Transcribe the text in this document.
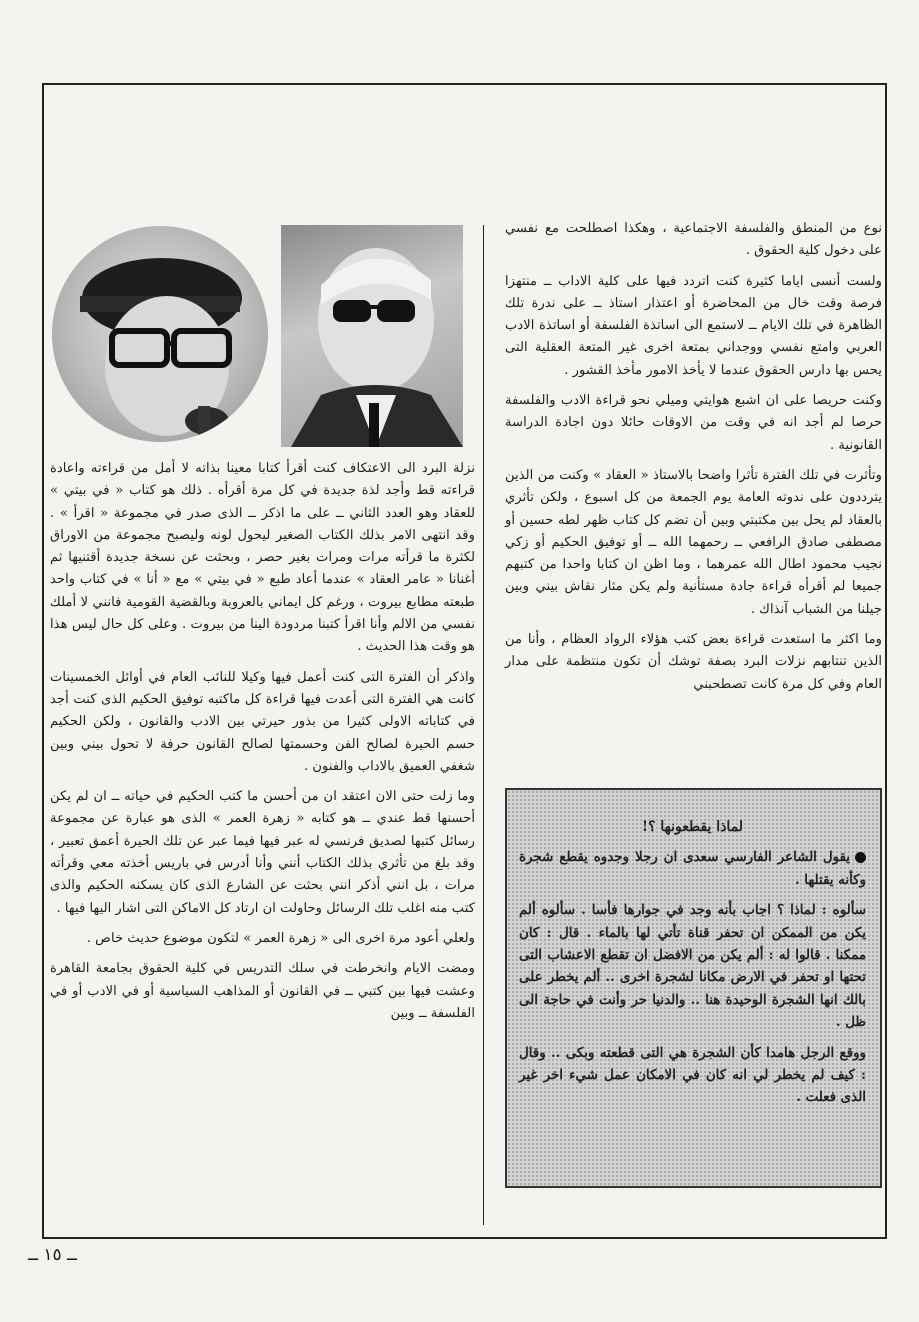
نوع من المنطق والفلسفة الاجتماعية ، وهكذا اصطلحت مع نفسي على دخول كلية الحقوق .

ولست أنسى اياما كثيرة كنت اتردد فيها على كلية الاداب ــ منتهزا فرصة وقت خال من المحاضرة أو اعتذار استاذ ــ على ندرة تلك الظاهرة في تلك الايام ــ لاستمع الى اساتذة الفلسفة أو اساتذة الادب العربي وامتع نفسي ووجداني بمتعة اخرى غير المتعة العقلية التى يحس بها دارس الحقوق عندما لا يأخذ الامور مأخذ القشور .

وكنت حريصا على ان اشبع هوايتي وميلي نحو قراءة الادب والفلسفة حرصا لم أجد انه في وقت من الاوقات حائلا دون اجادة الدراسة القانونية .

وتأثرت في تلك الفترة تأثرا واضحا بالاستاذ « العقاد » وكنت من الذين يترددون على ندوته العامة يوم الجمعة من كل اسبوع ، ولكن تأثري بالعقاد لم يحل بين مكتبتي وبين أن تضم كل كتاب ظهر لطه حسين أو مصطفى صادق الرافعي ــ رحمهما الله ــ أو توفيق الحكيم أو زكي نجيب محمود اطال الله عمرهما ، وما اظن ان كتابا واحدا من كتبهم جميعا لم أقرأه قراءة جادة مستأنية ولم يكن مثار نقاش بيني وبين جيلنا من الشباب آنذاك .

وما اكثر ما استعدت قراءة بعض كتب هؤلاء الرواد العظام ، وأنا من الذين تنتابهم نزلات البرد بصفة توشك أن تكون منتظمة على مدار العام وفي كل مرة كانت تصطحبني

نزلة البرد الى الاعتكاف كنت أقرأ كتابا معينا بذاته لا أمل من قراءته واعادة قراءته قط وأجد لذة جديدة في كل مرة أقرأه . ذلك هو كتاب « في بيتي » للعقاد وهو العدد الثاني ــ على ما اذكر ــ الذى صدر في مجموعة « اقرأ » . وقد انتهى الامر بذلك الكتاب الصغير ليحول لونه وليصبح مجموعة من الاوراق لكثرة ما قرأته مرات ومرات بغير حصر ، وبحثت عن نسخة جديدة أقتنيها ثم أغنانا « عامر العقاد » عندما أعاد طبع « في بيتي » مع « أنا » في كتاب واحد طبعته مطابع بيروت ، ورغم كل ايماني بالعروبة وبالقضية القومية فانني لا أملك نفسي من الالم وأنا اقرأ كتبنا مردودة الينا من بيروت . وعلى كل حال ليس هذا هو وقت هذا الحديث .

واذكر أن الفترة التى كنت أعمل فيها وكيلا للنائب العام في أوائل الخمسينات كانت هي الفترة التى أعدت فيها قراءة كل ماكتبه توفيق الحكيم الذى كنت أجد في كتاباته الاولى كثيرا من بذور حيرتي بين الادب والقانون ، ولكن الحكيم حسم الحيرة لصالح الفن وحسمتها لصالح القانون حرفة لا تحول بيني وبين شغفي العميق بالاداب والفنون .

وما زلت حتى الان اعتقد ان من أحسن ما كتب الحكيم في حياته ــ ان لم يكن أحسنها قط عندي ــ هو كتابه « زهرة العمر » الذى هو عبارة عن مجموعة رسائل كتبها لصديق فرنسي له عبر فيها فيما عبر عن تلك الحيرة أعمق تعبير ، وقد بلغ من تأثري بذلك الكتاب أنني وأنا أدرس في باريس أخذته معي وقرأته مرات ، بل انني أذكر انني بحثت عن الشارع الذى كان يسكنه الحكيم والذى كتب منه اغلب تلك الرسائل وحاولت ان ارتاد كل الاماكن التى اشار اليها فيها .

ولعلي أعود مرة اخرى الى « زهرة العمر » لتكون موضوع حديث خاص .

ومضت الايام وانخرطت في سلك التدريس في كلية الحقوق بجامعة القاهرة وعشت فيها بين كتبي ــ في القانون أو المذاهب السياسية أو في الادب أو في الفلسفة ــ وبين

لماذا يقطعونها ؟!

يقول الشاعر الفارسي سعدى ان رجلا وجدوه يقطع شجرة وكأنه يقتلها .

سألوه : لماذا ؟ اجاب بأنه وجد في جوارها فأسا . سألوه ألم يكن من الممكن ان تحفر قناة تأتي لها بالماء . قال : كان ممكنا . قالوا له : ألم يكن من الافضل ان تقطع الاعشاب التى تحتها او تحفر في الارض مكانا لشجرة اخرى .. ألم يخطر على بالك انها الشجرة الوحيدة هنا .. والدنيا حر وأنت في حاجة الى ظل .

ووقع الرجل هامدا كأن الشجرة هي التى قطعته وبكى .. وقال : كيف لم يخطر لي انه كان في الامكان عمل شيء اخر غير الذى فعلت .

ــ ١٥ ــ
